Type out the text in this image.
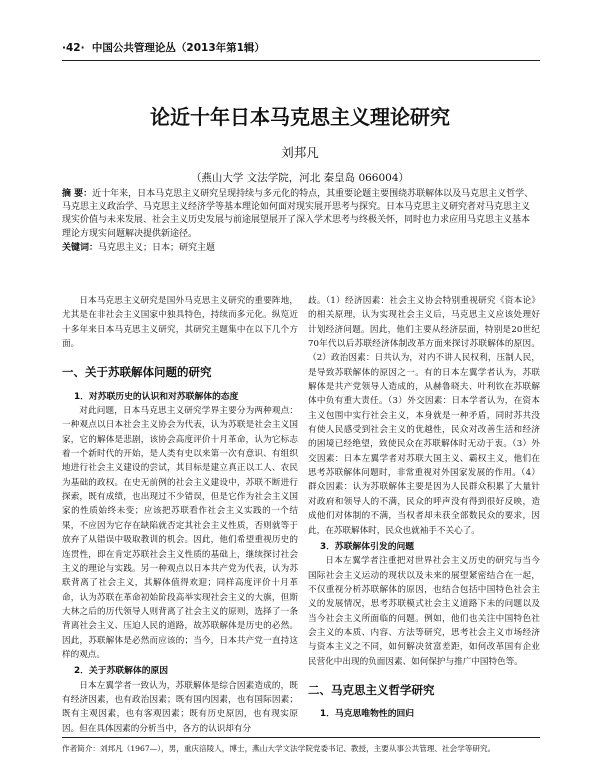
·42· 中国公共管理论丛（2013年第1辑）
论近十年日本马克思主义理论研究
刘邦凡
（燕山大学 文法学院，河北 秦皇岛 066004）
摘 要：近十年来，日本马克思主义研究呈现持续与多元化的特点，其重要论题主要围绕苏联解体以及马克思主义哲学、马克思主义政治学、马克思主义经济学等基本理论如何面对现实展开思考与探究。日本马克思主义研究者对马克思主义现实价值与未来发展、社会主义历史发展与前途展望展开了深入学术思考与终极关怀，同时也力求应用马克思主义基本理论方现实问题解决提供新途径。
关键词：马克思主义；日本；研究主题

日本马克思主义研究是国外马克思主义研究的重要阵地，尤其是在非社会主义国家中独具特色，持续而多元化。纵览近十多年来日本马克思主义研究，其研究主题集中在以下几个方面。

一、关于苏联解体问题的研究
1．对苏联历史的认识和对苏联解体的态度

对此问题，日本马克思主义研究学界主要分为两种观点：一种观点以日本社会主义协会为代表，认为苏联是社会主义国家，它的解体是悲剧，该协会高度评价十月革命，认为它标志着一个新时代的开始，是人类有史以来第一次有意识、有组织地进行社会主义建设的尝试，其目标是建立真正以工人、农民为基础的政权。在史无前例的社会主义建设中，苏联不断进行探索，既有成绩，也出现过不少错误，但是它作为社会主义国家的性质始终未变；应该把苏联看作社会主义实践的一个结果，不应因为它存在缺陷就否定其社会主义性质，否则就等于放弃了从错误中吸取教训的机会。因此，他们希望重视历史的连贯性，即在肯定苏联社会主义性质的基础上，继续探讨社会主义的理论与实践。另一种观点以日本共产党为代表，认为苏联背离了社会主义，其解体值得欢迎；同样高度评价十月革命，认为苏联在革命初始阶段高举实现社会主义的大旗，但斯大林之后的历代领导人则背离了社会主义的原则，选择了一条背离社会主义、压迫人民的道路，故苏联解体是历史的必然。因此，苏联解体是必然而应该的；当今，日本共产党一直持这样的观点。

2．关于苏联解体的原因

日本左翼学者一致认为，苏联解体是综合因素造成的，既有经济因素，也有政治因素；既有国内因素，也有国际因素；既有主观因素，也有客观因素；既有历史原因，也有现实原因。但在具体因素的分析当中，各方的认识却有分

歧。（1）经济因素：社会主义协会特别重视研究《资本论》的相关原理，认为实现社会主义后，马克思主义应该处理好计划经济问题。因此，他们主要从经济层面，特别是20世纪70年代以后苏联经济体制改革方面来探讨苏联解体的原因。（2）政治因素：日共认为，对内不讲人民权利，压制人民，是导致苏联解体的原因之一。有的日本左翼学者认为，苏联解体是共产党领导人造成的，从赫鲁晓夫、叶利钦在苏联解体中负有重大责任。（3）外交因素：日本学者认为，在资本主义包围中实行社会主义，本身就是一种矛盾，同时苏共没有使人民感受到社会主义的优越性，民众对改善生活和经济的困境已经绝望，致使民众在苏联解体时无动于衷。（3）外交因素：日本左翼学者对苏联大国主义、霸权主义，他们在思考苏联解体问题时，非常重视对外国家发展的作用。（4）群众因素：认为苏联解体主要是因为人民群众积累了大量针对政府和领导人的不满，民众的呼声没有得到很好反映，造成他们对体制的不满，当权者却未获全部数民众的要求，因此，在苏联解体时，民众也就袖手不关心了。

3．苏联解体引发的问题

日本左翼学者注重把对世界社会主义历史的研究与当今国际社会主义运动的现状以及未来的展望紧密结合在一起，不仅重视分析苏联解体的原因，也结合包括中国特色社会主义的发展情况，思考苏联模式社会主义道路下未的问题以及当今社会主义所面临的问题。例如，他们也关注中国特色社会主义的本质、内容、方法等研究，思考社会主义市场经济与资本主义之不同，如何解决贫富差距，如何改革国有企业民营化中出现的负面因素、如何保护与推广中国特色等。

二、马克思主义哲学研究
1．马克思唯物性的回归
作者简介：刘邦凡（1967—），男，重庆涪陵人，博士，燕山大学文法学院党委书记、教授，主要从事公共管理、社会学等研究。
